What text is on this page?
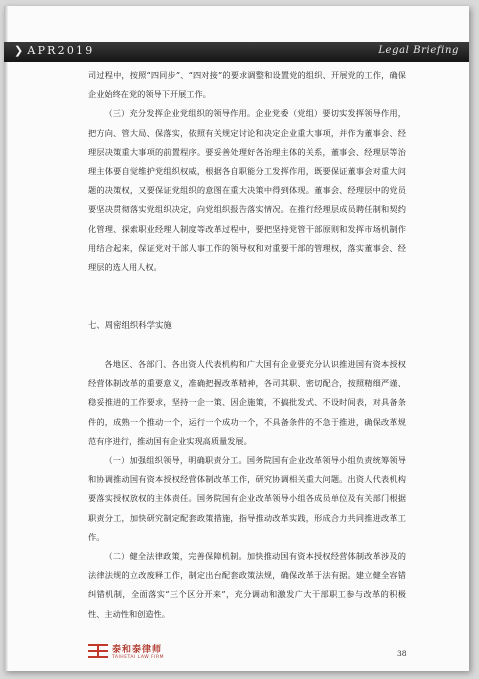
❯ APR2019	Legal Briefing

司过程中，按照“四同步”、“四对接”的要求调整和设置党的组织、开展党的工作，确保企业始终在党的领导下开展工作。

（三）充分发挥企业党组织的领导作用。企业党委（党组）要切实发挥领导作用，把方向、管大局、保落实，依照有关规定讨论和决定企业重大事项，并作为董事会、经理层决策重大事项的前置程序。要妥善处理好各治理主体的关系，董事会、经理层等治理主体要自觉维护党组织权威，根据各自职能分工发挥作用，既要保证董事会对重大问题的决策权，又要保证党组织的意图在重大决策中得到体现。董事会、经理层中的党员要坚决贯彻落实党组织决定，向党组织报告落实情况。在推行经理层成员聘任制和契约化管理、探索职业经理人制度等改革过程中，要把坚持党管干部原则和发挥市场机制作用结合起来，保证党对干部人事工作的领导权和对重要干部的管理权，落实董事会、经理层的选人用人权。

七、周密组织科学实施

各地区、各部门、各出资人代表机构和广大国有企业要充分认识推进国有资本授权经营体制改革的重要意义，准确把握改革精神，各司其职、密切配合，按照精细严谨、稳妥推进的工作要求，坚持一企一策、因企施策，不搞批发式、不设时间表，对具备条件的，成熟一个推动一个，运行一个成功一个，不具备条件的不急于推进，确保改革规范有序进行，推动国有企业实现高质量发展。

（一）加强组织领导，明确职责分工。国务院国有企业改革领导小组负责统筹领导和协调推动国有资本授权经营体制改革工作，研究协调相关重大问题。出资人代表机构要落实授权放权的主体责任。国务院国有企业改革领导小组各成员单位及有关部门根据职责分工，加快研究制定配套政策措施，指导推动改革实践，形成合力共同推进改革工作。

（二）健全法律政策，完善保障机制。加快推动国有资本授权经营体制改革涉及的法律法规的立改废释工作，制定出台配套政策法规，确保改革于法有据。建立健全容错纠错机制，全面落实“三个区分开来”，充分调动和激发广大干部职工参与改革的积极性、主动性和创造性。

泰和泰律师
TAIHETAI LAW FIRM	38
